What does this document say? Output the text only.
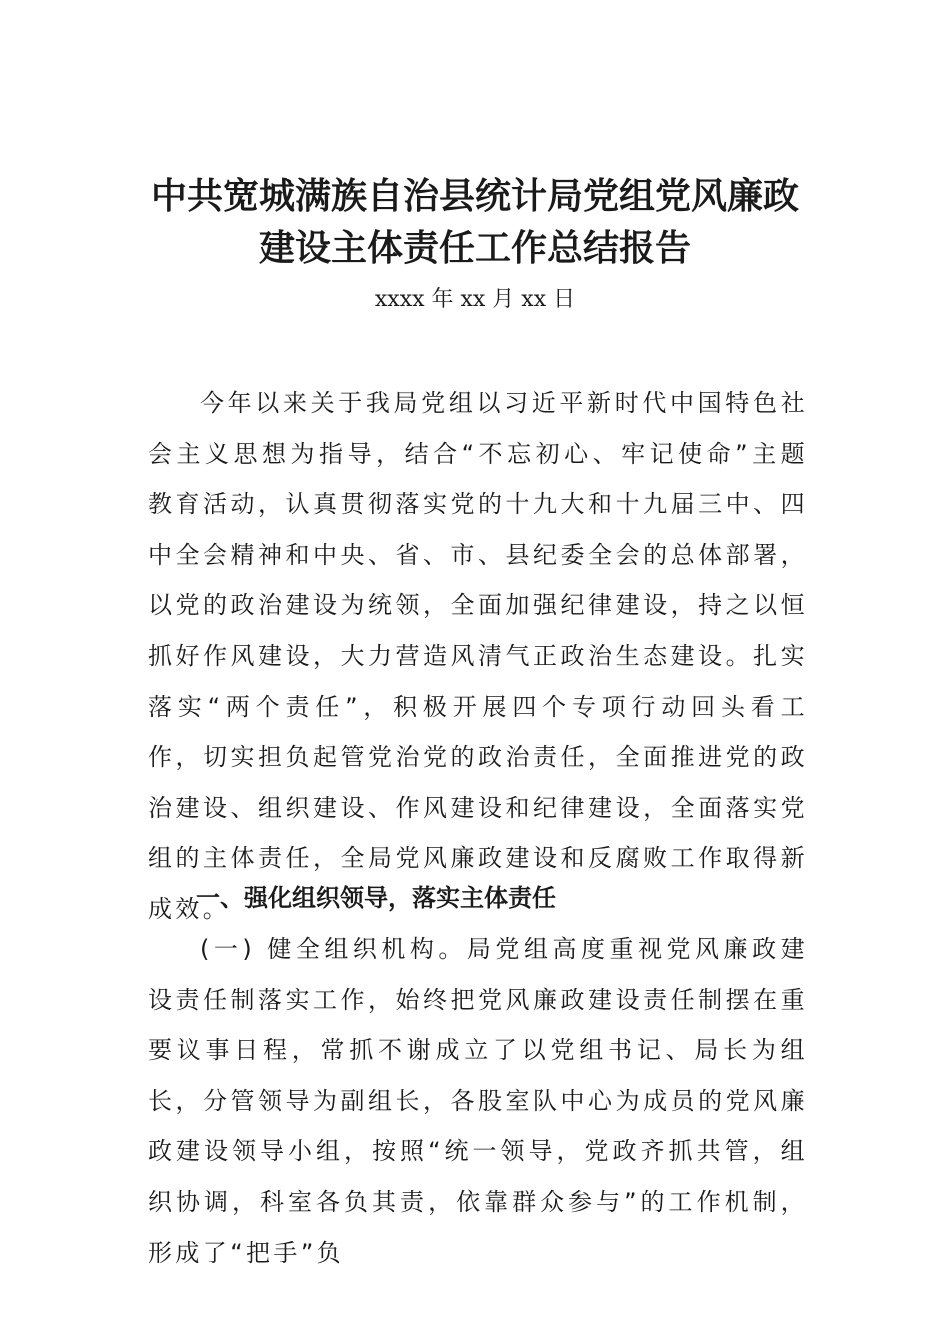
中共宽城满族自治县统计局党组党风廉政
建设主体责任工作总结报告
xxxx 年 xx 月 xx 日

今年以来关于我局党组以习近平新时代中国特色社会主义思想为指导，结合“不忘初心、牢记使命”主题教育活动，认真贯彻落实党的十九大和十九届三中、四中全会精神和中央、省、市、县纪委全会的总体部署，以党的政治建设为统领，全面加强纪律建设，持之以恒抓好作风建设，大力营造风清气正政治生态建设。扎实落实“两个责任”，积极开展四个专项行动回头看工作，切实担负起管党治党的政治责任，全面推进党的政治建设、组织建设、作风建设和纪律建设，全面落实党组的主体责任，全局党风廉政建设和反腐败工作取得新成效。

一、强化组织领导，落实主体责任

(一) 健全组织机构。局党组高度重视党风廉政建设责任制落实工作，始终把党风廉政建设责任制摆在重要议事日程，常抓不谢成立了以党组书记、局长为组长，分管领导为副组长，各股室队中心为成员的党风廉政建设领导小组，按照“统一领导，党政齐抓共管，组织协调，科室各负其责，依靠群众参与”的工作机制，形成了“把手”负
